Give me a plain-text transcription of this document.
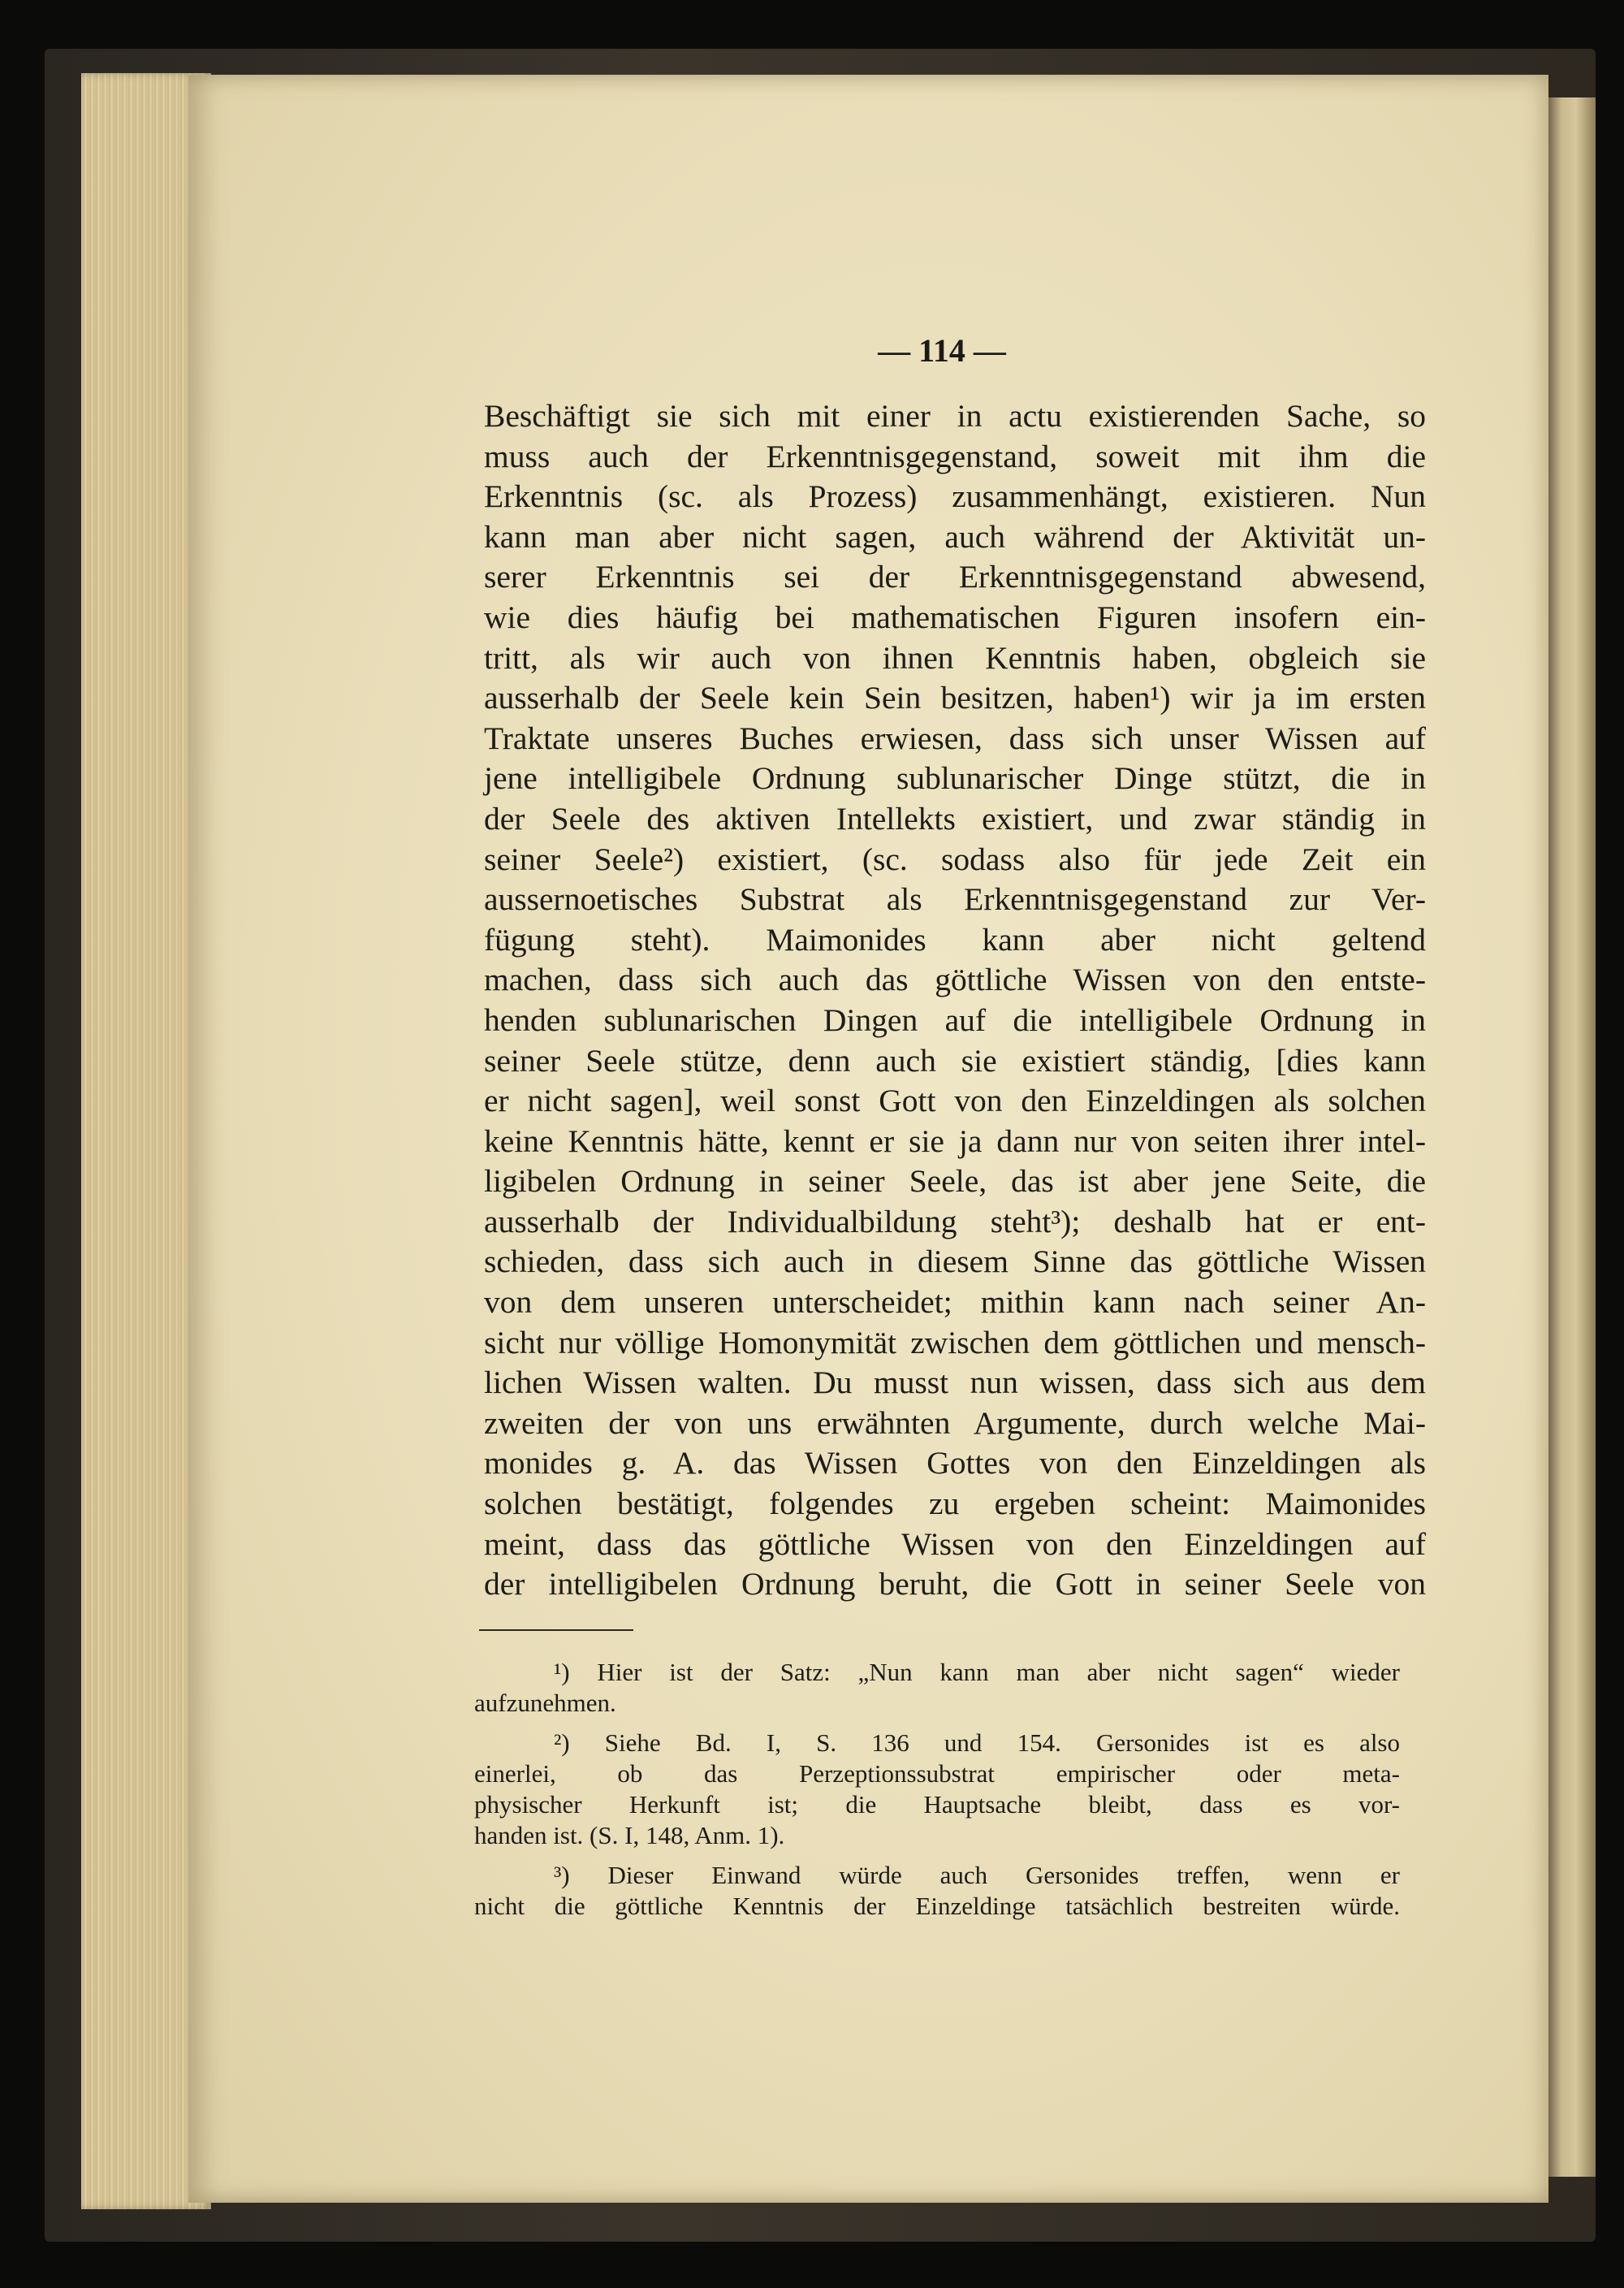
— 114 —
Beschäftigt sie sich mit einer in actu existierenden Sache, so
muss auch der Erkenntnisgegenstand, soweit mit ihm die
Erkenntnis (sc. als Prozess) zusammenhängt, existieren. Nun
kann man aber nicht sagen, auch während der Aktivität un-
serer Erkenntnis sei der Erkenntnisgegenstand abwesend,
wie dies häufig bei mathematischen Figuren insofern ein-
tritt, als wir auch von ihnen Kenntnis haben, obgleich sie
ausserhalb der Seele kein Sein besitzen, haben¹) wir ja im ersten
Traktate unseres Buches erwiesen, dass sich unser Wissen auf
jene intelligibele Ordnung sublunarischer Dinge stützt, die in
der Seele des aktiven Intellekts existiert, und zwar ständig in
seiner Seele²) existiert, (sc. sodass also für jede Zeit ein
aussernoetisches Substrat als Erkenntnisgegenstand zur Ver-
fügung steht). Maimonides kann aber nicht geltend
machen, dass sich auch das göttliche Wissen von den entste-
henden sublunarischen Dingen auf die intelligibele Ordnung in
seiner Seele stütze, denn auch sie existiert ständig, [dies kann
er nicht sagen], weil sonst Gott von den Einzeldingen als solchen
keine Kenntnis hätte, kennt er sie ja dann nur von seiten ihrer intel-
ligibelen Ordnung in seiner Seele, das ist aber jene Seite, die
ausserhalb der Individualbildung steht³); deshalb hat er ent-
schieden, dass sich auch in diesem Sinne das göttliche Wissen
von dem unseren unterscheidet; mithin kann nach seiner An-
sicht nur völlige Homonymität zwischen dem göttlichen und mensch-
lichen Wissen walten. Du musst nun wissen, dass sich aus dem
zweiten der von uns erwähnten Argumente, durch welche Mai-
monides g. A. das Wissen Gottes von den Einzeldingen als
solchen bestätigt, folgendes zu ergeben scheint: Maimonides
meint, dass das göttliche Wissen von den Einzeldingen auf
der intelligibelen Ordnung beruht, die Gott in seiner Seele von
¹) Hier ist der Satz: „Nun kann man aber nicht sagen“ wieder
aufzunehmen.
²) Siehe Bd. I, S. 136 und 154. Gersonides ist es also
einerlei, ob das Perzeptionssubstrat empirischer oder meta-
physischer Herkunft ist; die Hauptsache bleibt, dass es vor-
handen ist. (S. I, 148, Anm. 1).
³) Dieser Einwand würde auch Gersonides treffen, wenn er
nicht die göttliche Kenntnis der Einzeldinge tatsächlich bestreiten würde.
